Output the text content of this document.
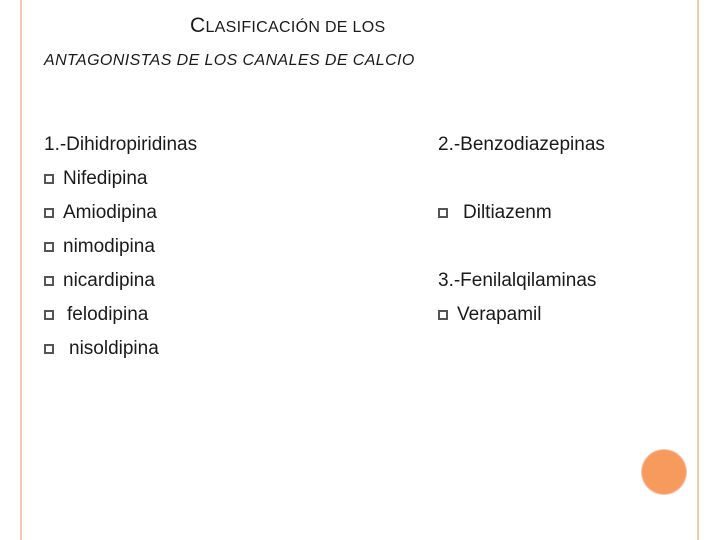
CLASIFICACIÓN DE LOS
ANTAGONISTAS DE LOS CANALES DE CALCIO
1.-Dihidropiridinas
Nifedipina
Amiodipina
nimodipina
nicardipina
felodipina
nisoldipina
2.-Benzodiazepinas
Diltiazenm
3.-Fenilalqilaminas
Verapamil
